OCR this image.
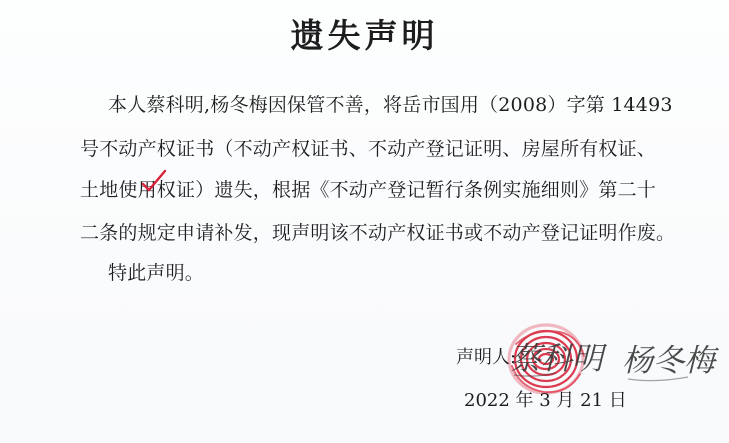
遗失声明
本人蔡科明,杨冬梅因保管不善，将岳市国用（2008）字第 14493
号不动产权证书（不动产权证书、不动产登记证明、房屋所有权证、
土地使用权证）遗失，根据《不动产登记暂行条例实施细则》第二十
二条的规定申请补发，现声明该不动产权证书或不动产登记证明作废。
特此声明。
声明人:
蔡科明 杨冬梅
2022 年 3 月 21 日
